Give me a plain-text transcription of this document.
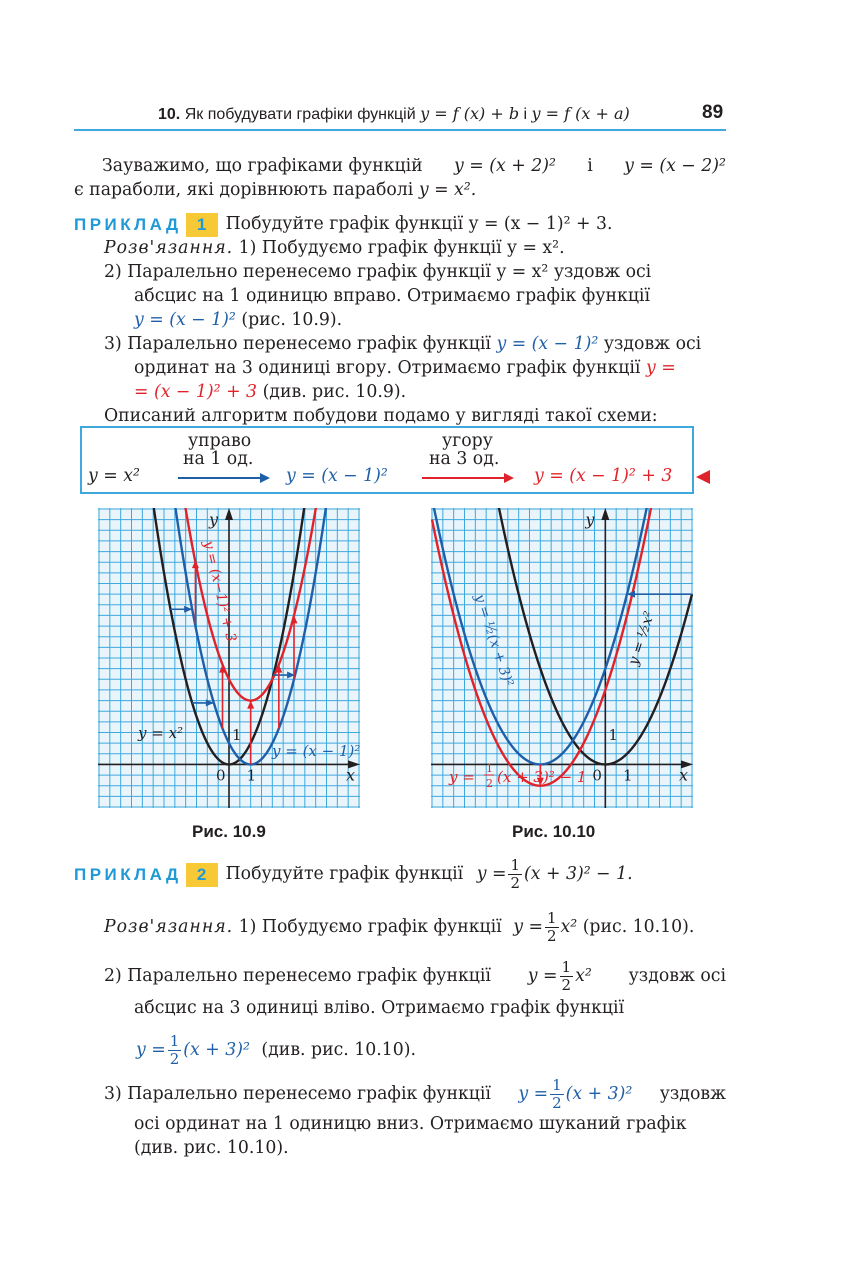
10. Як побудувати графіки функцій y = f (x) + b і y = f (x + a)	89
Зауважимо, що графіками функцій y = (x + 2)² і y = (x − 2)²
є параболи, які дорівнюють параболі y = x².
ПРИКЛАД 1	Побудуйте графік функції y = (x − 1)² + 3.
Розв'язання. 1) Побудуємо графік функції y = x².
2) Паралельно перенесемо графік функції y = x² уздовж осі
абсцис на 1 одиницю вправо. Отримаємо графік функції
y = (x − 1)² (рис. 10.9).
3) Паралельно перенесемо графік функції y = (x − 1)² уздовж осі
ординат на 3 одиниці вгору. Отримаємо графік функції y =
= (x − 1)² + 3 (див. рис. 10.9).
Описаний алгоритм побудови подамо у вигляді такої схеми:
y = x²
управо
на 1 од.
y = (x − 1)²
угору
на 3 од.
y = (x − 1)² + 3
0 1
1
x
y
y = x²
y = (x − 1)²
y = (x−1)² + 3
Рис. 10.9
0 1
1
x
y
y = ½(x + 3)²	y = ½x²
y = 1
2 (x + 3)² − 1
Рис. 10.10
ПРИКЛАД 2	Побудуйте графік функції $y = \frac{1}{2} (x + 3)^2 - 1$.
Розв'язання. 1) Побудуємо графік функції $y = \frac{1}{2} x^2$ (рис. 10.10).
2) Паралельно перенесемо графік функції $y = \frac{1}{2} x^2$ уздовж осі
абсцис на 3 одиниці вліво. Отримаємо графік функції
$y = \frac{1}{2} (x + 3)^2$ (див. рис. 10.10).
3) Паралельно перенесемо графік функції $y = \frac{1}{2} (x + 3)^2$ уздовж
осі ординат на 1 одиницю вниз. Отримаємо шуканий графік
(див. рис. 10.10).
